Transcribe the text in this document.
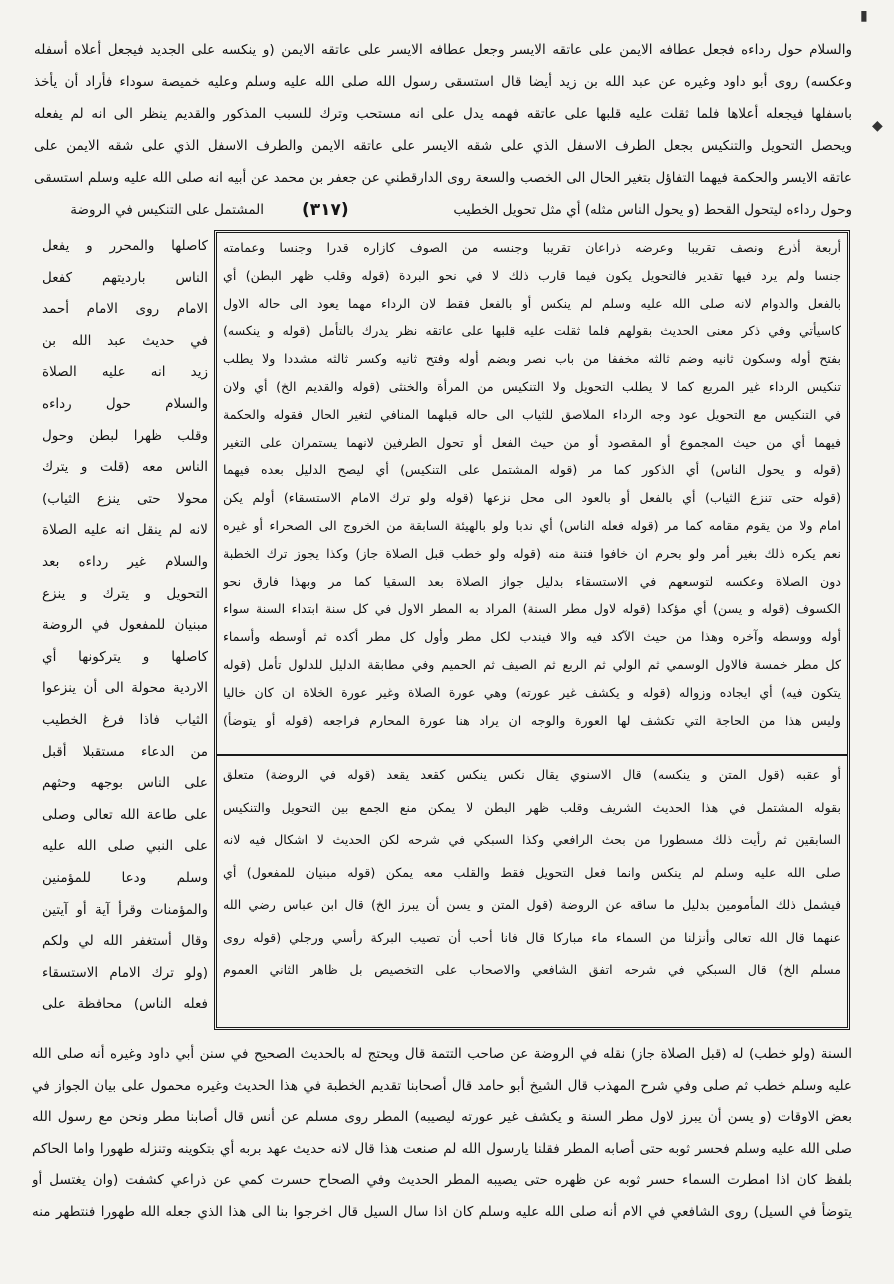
▮
◆
والسلام حول رداءه فجعل عطافه الايمن على عاتقه الايسر وجعل عطافه الايسر على عاتقه الايمن (و ينكسه على الجديد فيجعل أعلاه أسفله
وعكسه) روى أبو داود وغيره عن عبد الله بن زيد أيضا قال استسقى رسول الله صلى الله عليه وسلم وعليه خميصة سوداء فأراد أن يأخذ
باسفلها فيجعله أعلاها فلما ثقلت عليه قلبها على عاتقه فهمه يدل على انه مستحب وترك للسبب المذكور والقديم ينظر الى انه لم يفعله
ويحصل التحويل والتنكيس بجعل الطرف الاسفل الذي على شقه الايسر على عاتقه الايمن والطرف الاسفل الذي على شقه الايمن على
عاتقه الايسر والحكمة فيهما التفاؤل بتغير الحال الى الخصب والسعة روى الدارقطني عن جعفر بن محمد عن أبيه انه صلى الله عليه وسلم استسقى
وحول رداءه ليتحول القحط (و يحول الناس مثله) أي مثل تحويل الخطيب
(٣١٧)
المشتمل على التنكيس في الروضة
كاصلها والمحرر و يفعل
الناس بارديتهم كفعل
الامام روى الامام أحمد
في حديث عبد الله بن
زيد انه عليه الصلاة
والسلام حول رداءه
وقلب ظهرا لبطن وحول
الناس معه (قلت و يترك
محولا حتى ينزع الثياب)
لانه لم ينقل انه عليه الصلاة
والسلام غير رداءه بعد
التحويل و يترك و ينزع
مبنيان للمفعول في الروضة
كاصلها و يتركونها أي
الاردية محولة الى أن ينزعوا
الثياب فاذا فرغ الخطيب
من الدعاء مستقبلا أقبل
على الناس بوجهه وحثهم
على طاعة الله تعالى وصلى
على النبي صلى الله عليه
وسلم ودعا للمؤمنين
والمؤمنات وقرأ آية أو آيتين
وقال أستغفر الله لي ولكم
(ولو ترك الامام الاستسقاء
فعله الناس) محافظة على
أربعة أذرع ونصف تقريبا وعرضه ذراعان تقريبا وجنسه من الصوف كازاره قدرا وجنسا وعمامته
جنسا ولم يرد فيها تقدير فالتحويل يكون فيما قارب ذلك لا في نحو البردة (قوله وقلب ظهر البطن) أي
بالفعل والدوام لانه صلى الله عليه وسلم لم ينكس أو بالفعل فقط لان الرداء مهما يعود الى حاله الاول
كاسيأتي وفي ذكر معنى الحديث بقولهم فلما ثقلت عليه قلبها على عاتقه نظر يدرك بالتأمل (قوله و ينكسه)
بفتح أوله وسكون ثانيه وضم ثالثه مخففا من باب نصر وبضم أوله وفتح ثانيه وكسر ثالثه مشددا ولا يطلب
تنكيس الرداء غير المربع كما لا يطلب التحويل ولا التنكيس من المرأة والخنثى (قوله والقديم الخ) أي ولان
في التنكيس مع التحويل عود وجه الرداء الملاصق للثياب الى حاله قبلهما المنافي لتغير الحال فقوله والحكمة
فيهما أي من حيث المجموع أو المقصود أو من حيث الفعل أو تحول الطرفين لانهما يستمران على التغير
(قوله و يحول الناس) أي الذكور كما مر (قوله المشتمل على التنكيس) أي ليصح الدليل بعده فيهما
(قوله حتى تنزع الثياب) أي بالفعل أو بالعود الى محل نزعها (قوله ولو ترك الامام الاستسقاء) أولم يكن
امام ولا من يقوم مقامه كما مر (قوله فعله الناس) أي ندبا ولو بالهيئة السابقة من الخروج الى الصحراء أو غيره
نعم يكره ذلك بغير أمر ولو بحرم ان خافوا فتنة منه (قوله ولو خطب قبل الصلاة جاز) وكذا يجوز ترك الخطبة
دون الصلاة وعكسه لتوسعهم في الاستسقاء بدليل جواز الصلاة بعد السقيا كما مر وبهذا فارق نحو
الكسوف (قوله و يسن) أي مؤكدا (قوله لاول مطر السنة) المراد به المطر الاول في كل سنة ابتداء السنة سواء
أوله ووسطه وآخره وهذا من حيث الآكد فيه والا فيندب لكل مطر وأول كل مطر أكده ثم أوسطه وأسماء
كل مطر خمسة فالاول الوسمي ثم الولي ثم الربع ثم الصيف ثم الحميم وفي مطابقة الدليل للدلول تأمل (قوله
يتكون فيه) أي ايجاده وزواله (قوله و يكشف غير عورته) وهي عورة الصلاة وغير عورة الخلاة ان كان خاليا
وليس هذا من الحاجة التي تكشف لها العورة والوجه ان يراد هنا عورة المحارم فراجعه (قوله أو يتوضأ)
أو عقبه (قول المتن و ينكسه) قال الاسنوي يقال نكس ينكس كقعد يقعد (قوله في الروضة) متعلق
بقوله المشتمل في هذا الحديث الشريف وقلب ظهر البطن لا يمكن منع الجمع بين التحويل والتنكيس
السابقين ثم رأيت ذلك مسطورا من بحث الرافعي وكذا السبكي في شرحه لكن الحديث لا اشكال فيه لانه
صلى الله عليه وسلم لم ينكس وانما فعل التحويل فقط والقلب معه يمكن (قوله مبنيان للمفعول) أي
فيشمل ذلك المأمومين بدليل ما ساقه عن الروضة (قول المتن و يسن أن يبرز الخ) قال ابن عباس رضي الله
عنهما قال الله تعالى وأنزلنا من السماء ماء مباركا قال فانا أحب أن تصيب البركة رأسي ورجلي (قوله روى
مسلم الخ) قال السبكي في شرحه اتفق الشافعي والاصحاب على التخصيص بل ظاهر الثاني العموم
السنة (ولو خطب) له (قبل الصلاة جاز) نقله في الروضة عن صاحب التتمة قال ويحتج له بالحديث الصحيح في سنن أبي داود وغيره أنه صلى الله
عليه وسلم خطب ثم صلى وفي شرح المهذب قال الشيخ أبو حامد قال أصحابنا تقديم الخطبة في هذا الحديث وغيره محمول على بيان الجواز في
بعض الاوقات (و يسن أن يبرز لاول مطر السنة و يكشف غير عورته ليصيبه) المطر روى مسلم عن أنس قال أصابنا مطر ونحن مع رسول الله
صلى الله عليه وسلم فحسر ثوبه حتى أصابه المطر فقلنا يارسول الله لم صنعت هذا قال لانه حديث عهد بربه أي بتكوينه وتنزله طهورا واما الحاكم
بلفظ كان اذا امطرت السماء حسر ثوبه عن ظهره حتى يصيبه المطر الحديث وفي الصحاح حسرت كمي عن ذراعي كشفت (وان يغتسل أو
يتوضأ في السيل) روى الشافعي في الام أنه صلى الله عليه وسلم كان اذا سال السيل قال اخرجوا بنا الى هذا الذي جعله الله طهورا فنتطهر منه
